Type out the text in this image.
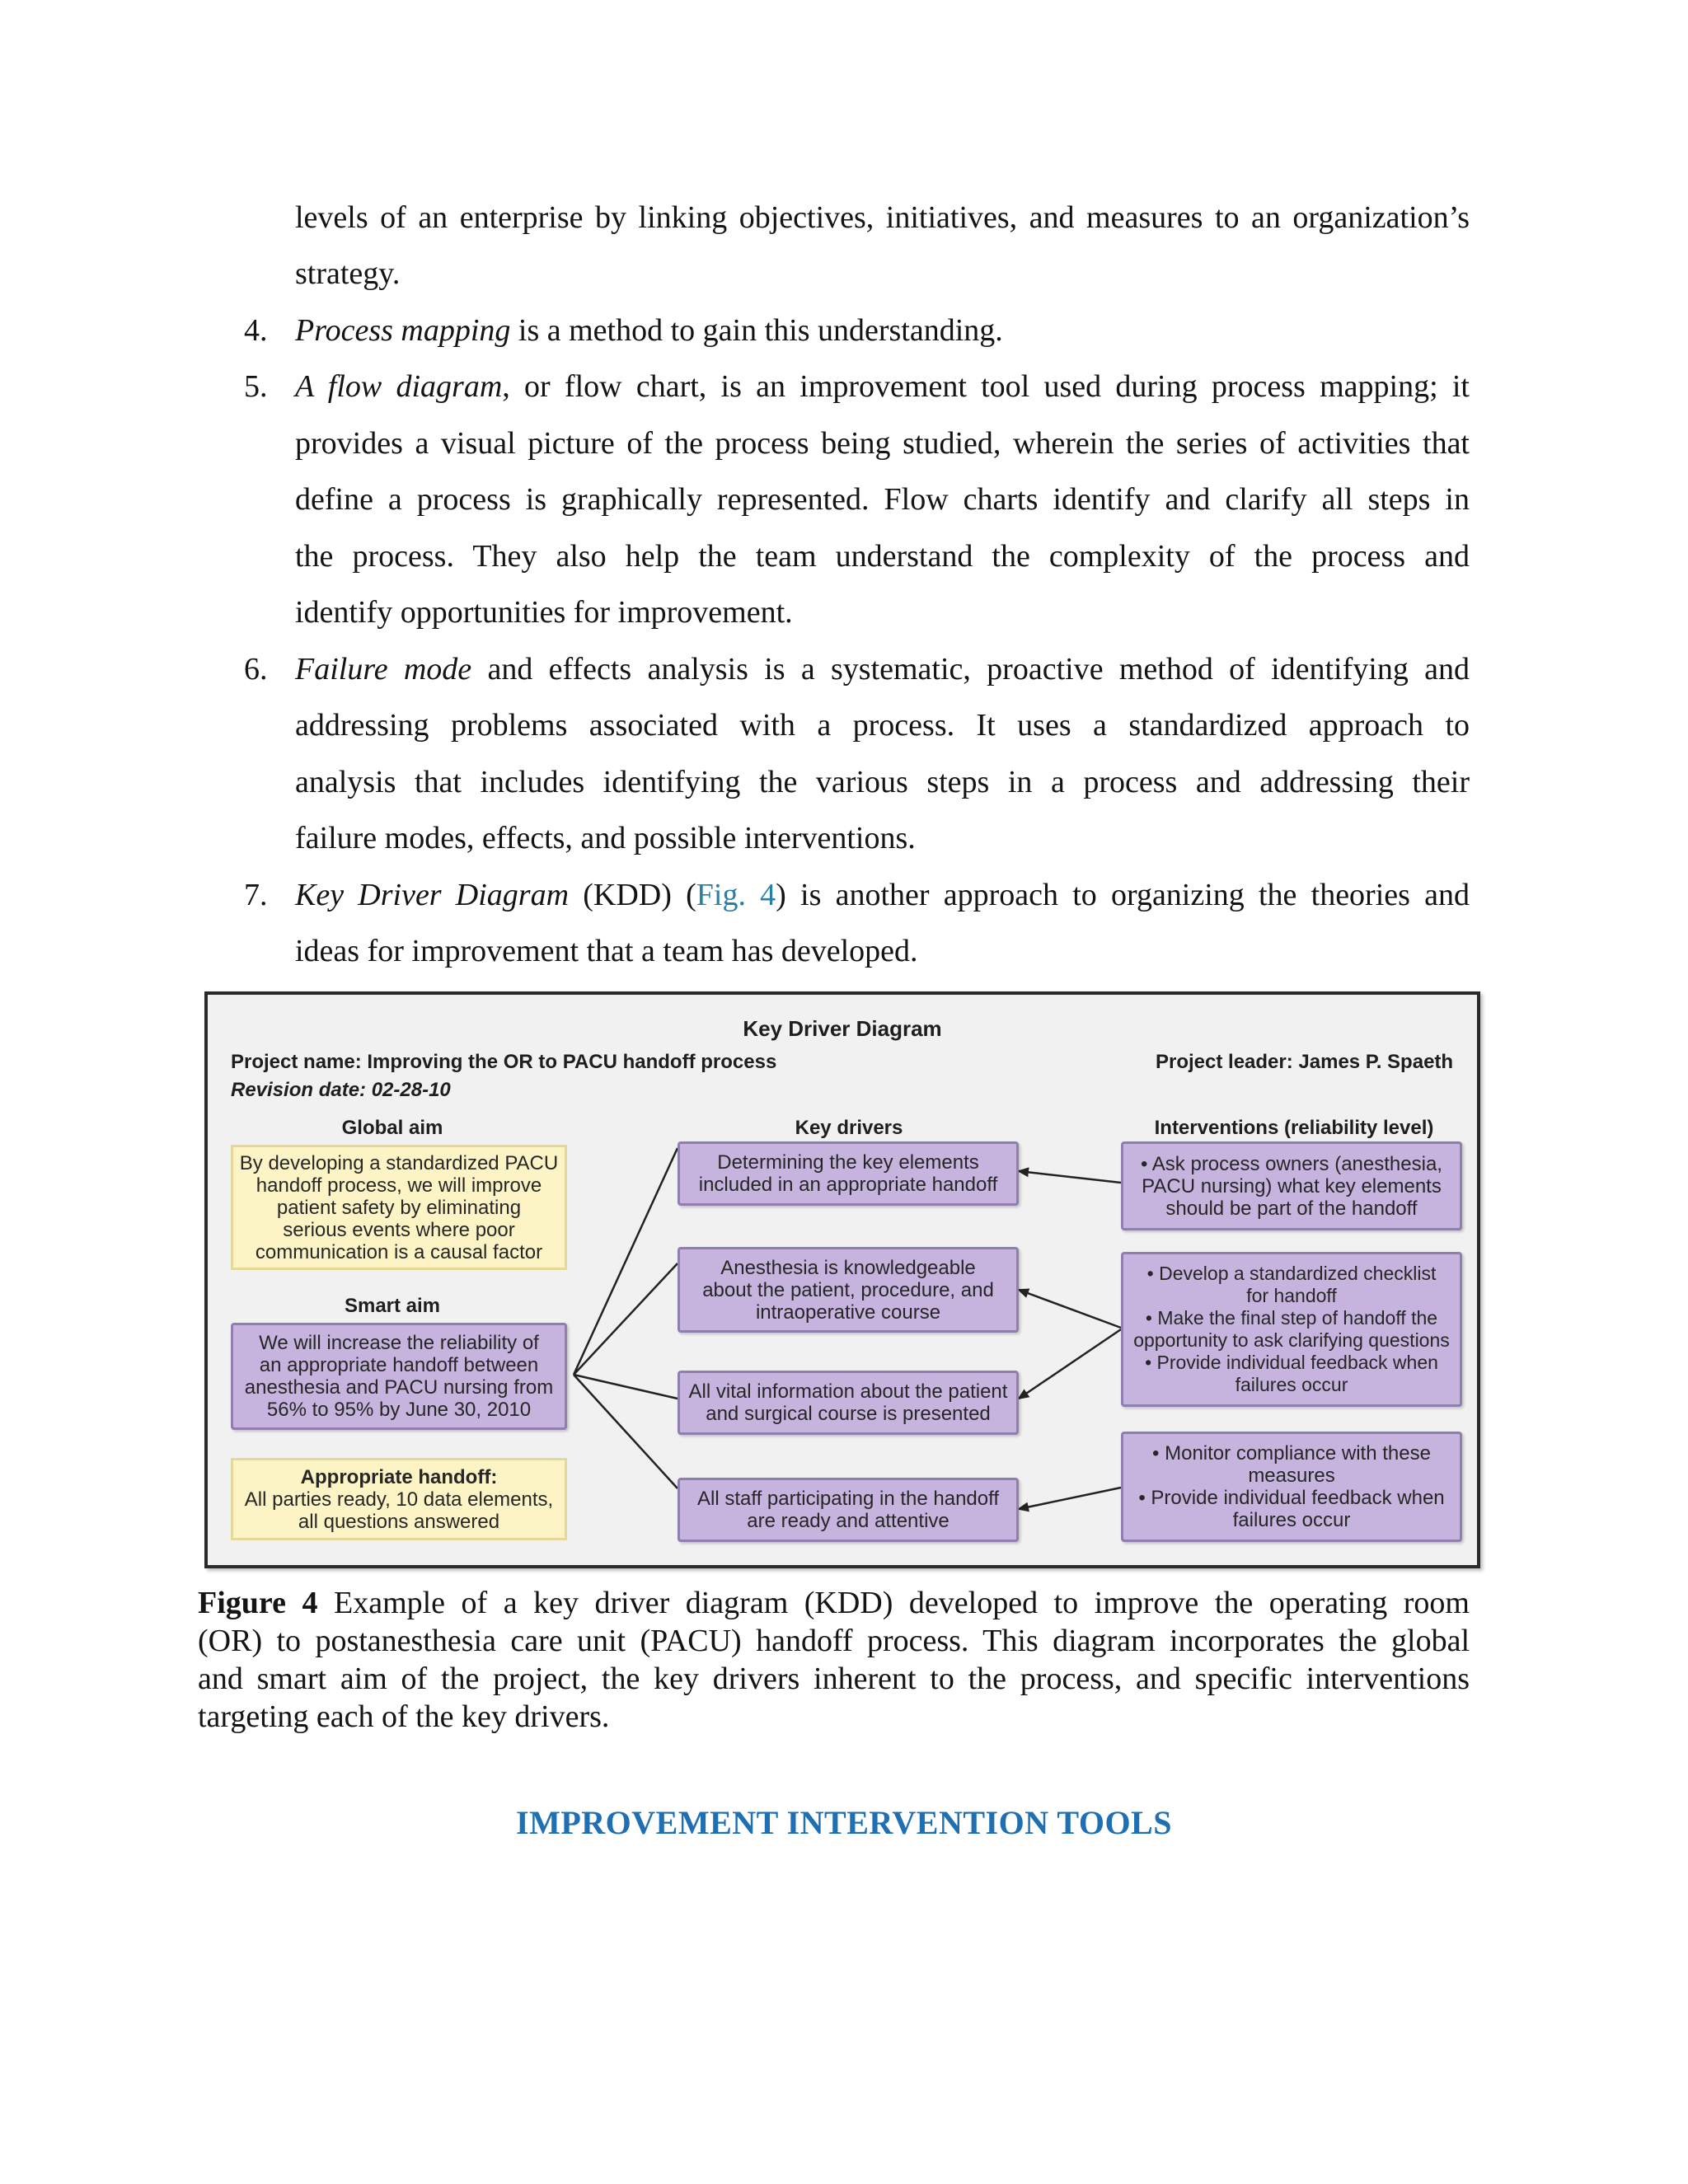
levels of an enterprise by linking objectives, initiatives, and measures to an organization’s
strategy.
4. Process mapping is a method to gain this understanding.
5. A flow diagram, or flow chart, is an improvement tool used during process mapping; it
provides a visual picture of the process being studied, wherein the series of activities that
define a process is graphically represented. Flow charts identify and clarify all steps in
the process. They also help the team understand the complexity of the process and
identify opportunities for improvement.
6. Failure mode and effects analysis is a systematic, proactive method of identifying and
addressing problems associated with a process. It uses a standardized approach to
analysis that includes identifying the various steps in a process and addressing their
failure modes, effects, and possible interventions.
7. Key Driver Diagram (KDD) (Fig. 4) is another approach to organizing the theories and
ideas for improvement that a team has developed.
Key Driver Diagram
Project name: Improving the OR to PACU handoff process
Revision date: 02-28-10
Project leader: James P. Spaeth
Global aim	Key drivers	Interventions (reliability level)
By developing a standardized PACU
handoff process, we will improve
patient safety by eliminating
serious events where poor
communication is a causal factor
Smart aim
We will increase the reliability of
an appropriate handoff between
anesthesia and PACU nursing from
56% to 95% by June 30, 2010
Appropriate handoff:
All parties ready, 10 data elements,
all questions answered
Determining the key elements
included in an appropriate handoff
Anesthesia is knowledgeable
about the patient, procedure, and
intraoperative course
All vital information about the patient
and surgical course is presented
All staff participating in the handoff
are ready and attentive
• Ask process owners (anesthesia,
PACU nursing) what key elements
should be part of the handoff
• Develop a standardized checklist
for handoff
• Make the final step of handoff the
opportunity to ask clarifying questions
• Provide individual feedback when
failures occur
• Monitor compliance with these
measures
• Provide individual feedback when
failures occur
Figure 4 Example of a key driver diagram (KDD) developed to improve the operating room
(OR) to postanesthesia care unit (PACU) handoff process. This diagram incorporates the global
and smart aim of the project, the key drivers inherent to the process, and specific interventions
targeting each of the key drivers.
IMPROVEMENT INTERVENTION TOOLS
